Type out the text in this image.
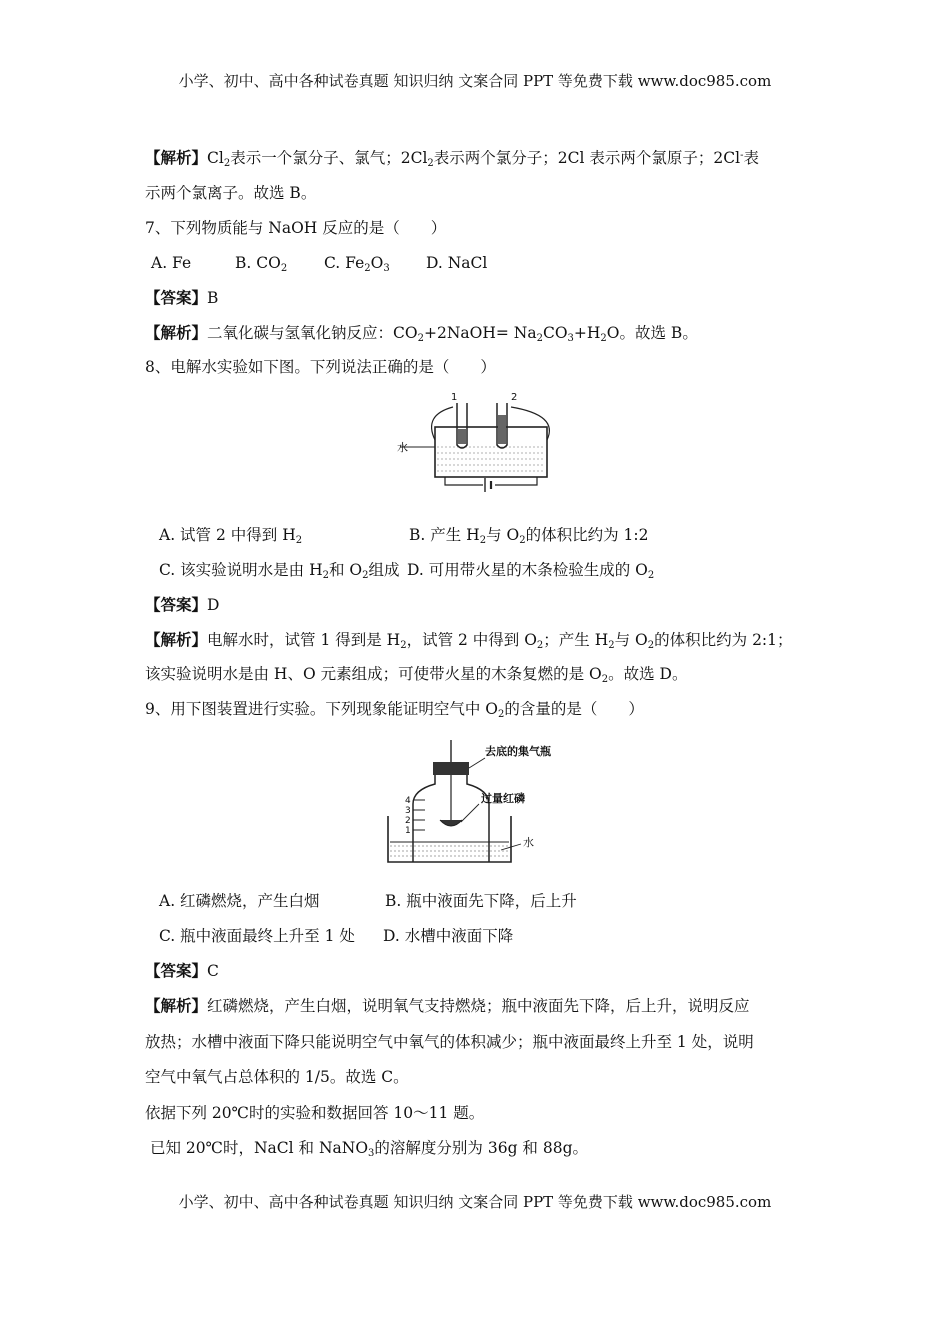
小学、初中、高中各种试卷真题 知识归纳 文案合同 PPT 等免费下载 www.doc985.com
小学、初中、高中各种试卷真题 知识归纳 文案合同 PPT 等免费下载 www.doc985.com
【解析】$Cl_2$表示一个氯分子、氯气；$2Cl_2$表示两个氯分子；2Cl 表示两个氯原子；2Cl-表
示两个氯离子。故选 B。
7、下列物质能与 NaOH 反应的是（　　）
A. Fe	B. $CO_2$ C. $Fe_2O_3$ D. NaCl
【答案】B
【解析】二氧化碳与氢氧化钠反应：$CO_2+2NaOH= Na_2CO_3+H_2O$。故选 B。
8、电解水实验如下图。下列说法正确的是（　　）
水
1	2
A. 试管 2 中得到 $H_2$	B. 产生 $H_2$与 $O_2$的体积比约为 1:2
C. 该实验说明水是由 $H_2$和 $O_2$组成 D. 可用带火星的木条检验生成的 $O_2$
【答案】D
【解析】电解水时，试管 1 得到是 $H_2$，试管 2 中得到 $O_2$；产生 $H_2$与 $O_2$的体积比约为 2:1；
该实验说明水是由 H、O 元素组成；可使带火星的木条复燃的是 $O_2$。故选 D。
9、用下图装置进行实验。下列现象能证明空气中 $O_2$的含量的是（　　）
4
3
2
1
去底的集气瓶
过量红磷
水
A. 红磷燃烧，产生白烟	B. 瓶中液面先下降，后上升
C. 瓶中液面最终上升至 1 处 D. 水槽中液面下降
【答案】C
【解析】红磷燃烧，产生白烟，说明氧气支持燃烧；瓶中液面先下降，后上升，说明反应
放热；水槽中液面下降只能说明空气中氧气的体积减少；瓶中液面最终上升至 1 处，说明
空气中氧气占总体积的 1/5。故选 C。
依据下列 20℃时的实验和数据回答 10～11 题。
已知 20℃时，NaCl 和 NaNO$_3$的溶解度分别为 36g 和 88g。
